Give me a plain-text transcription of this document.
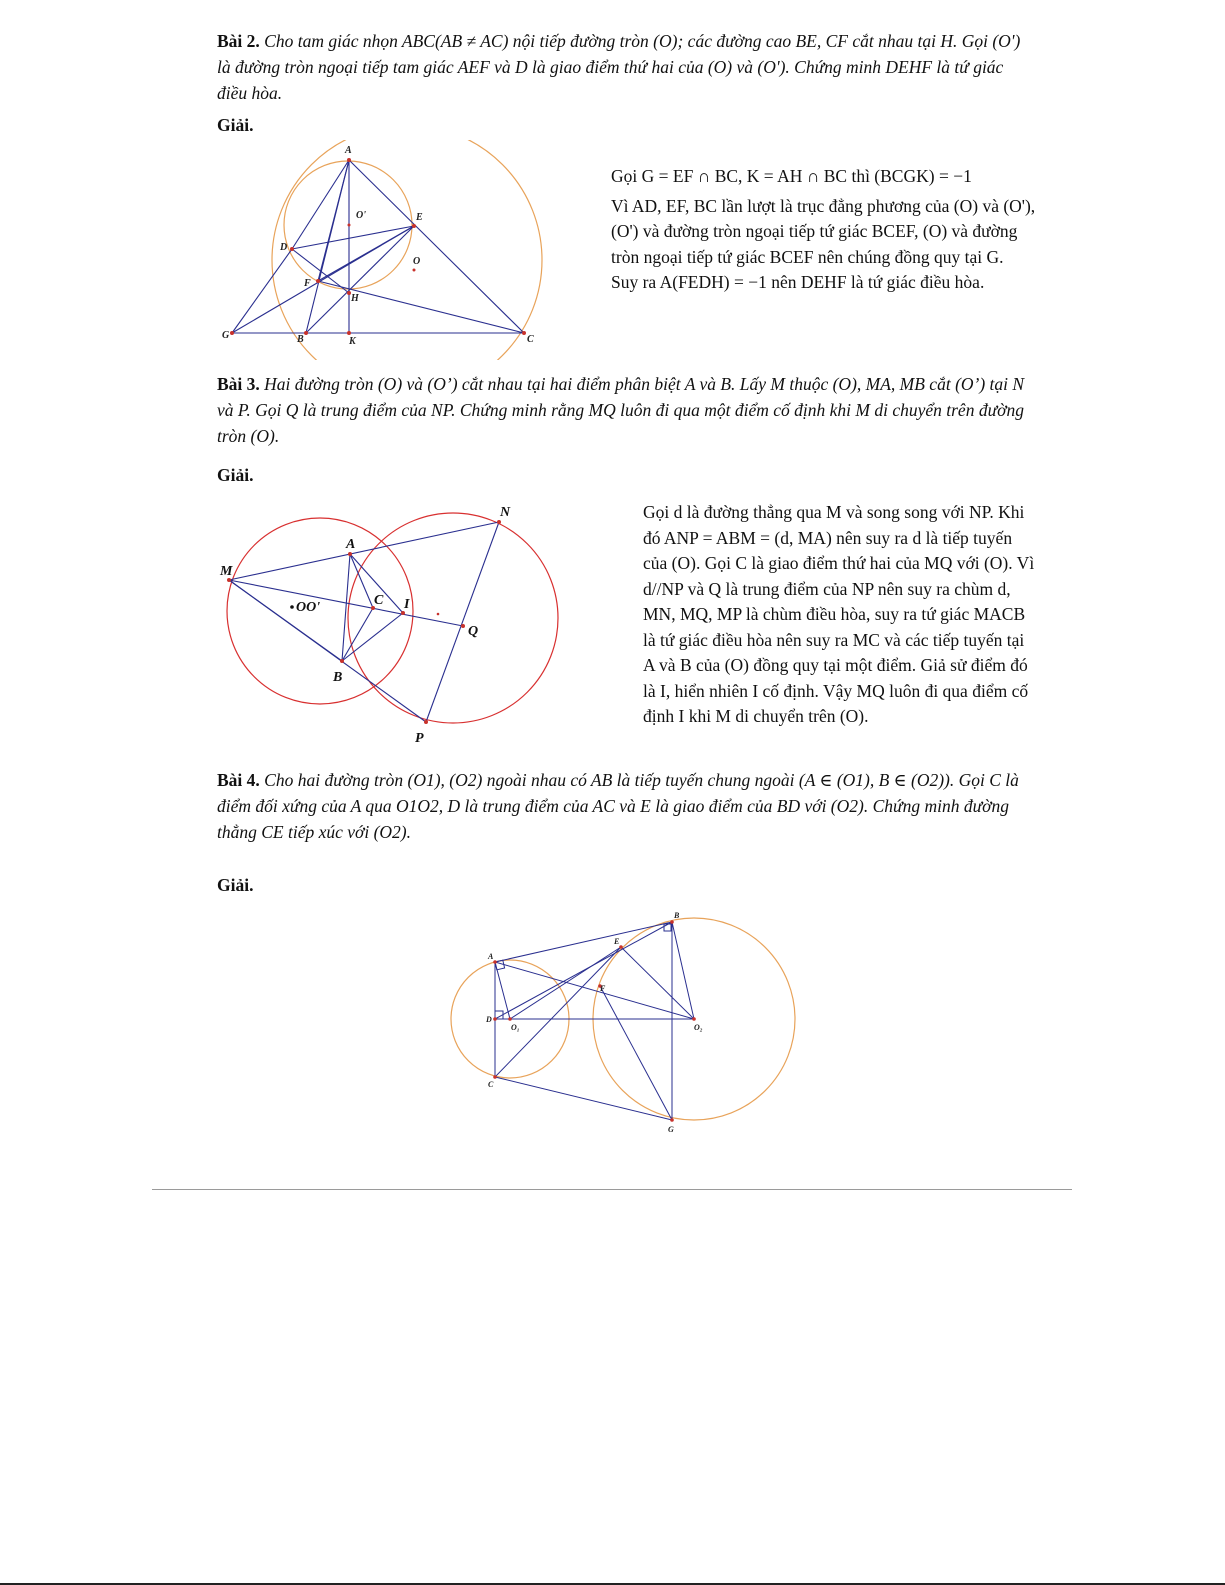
Bài 2. Cho tam giác nhọn ABC(AB ≠ AC) nội tiếp đường tròn (O); các đường cao BE, CF cắt nhau tại H. Gọi (O') là đường tròn ngoại tiếp tam giác AEF và D là giao điểm thứ hai của (O) và (O'). Chứng minh DEHF là tứ giác điều hòa.
Giải.
A
D
E
F
H
B	C
G
K
O'
O
Gọi G = EF ∩ BC, K = AH ∩ BC thì (BCGK) = −1
Vì AD, EF, BC lần lượt là trục đẳng phương của (O) và (O'), (O') và đường tròn ngoại tiếp tứ giác BCEF, (O) và đường tròn ngoại tiếp tứ giác BCEF nên chúng đồng quy tại G.
Suy ra A(FEDH) = −1 nên DEHF là tứ giác điều hòa.
Bài 3. Hai đường tròn (O) và (O’) cắt nhau tại hai điểm phân biệt A và B. Lấy M thuộc (O), MA, MB cắt (O’) tại N và P. Gọi Q là trung điểm của NP. Chứng minh rằng MQ luôn đi qua một điểm cố định khi M di chuyển trên đường tròn (O).
Giải.
M
A
B
C I
N
P
Q
OO'
Gọi d là đường thẳng qua M và song song với NP. Khi đó ANP = ABM = (d, MA) nên suy ra d là tiếp tuyến của (O). Gọi C là giao điểm thứ hai của MQ với (O). Vì d//NP và Q là trung điểm của NP nên suy ra chùm d, MN, MQ, MP là chùm điều hòa, suy ra tứ giác MACB là tứ giác điều hòa nên suy ra MC và các tiếp tuyến tại A và B của (O) đồng quy tại một điểm. Giả sử điểm đó là I, hiển nhiên I cố định. Vậy MQ luôn đi qua điểm cố định I khi M di chuyển trên (O).
Bài 4. Cho hai đường tròn (O1), (O2) ngoài nhau có AB là tiếp tuyến chung ngoài (A ∈ (O1), B ∈ (O2)). Gọi C là điểm đối xứng của A qua O1O2, D là trung điểm của AC và E là giao điểm của BD với (O2). Chứng minh đường thẳng CE tiếp xúc với (O2).
Giải.
A
B
C
D
E
F
G
O₁	O₂
